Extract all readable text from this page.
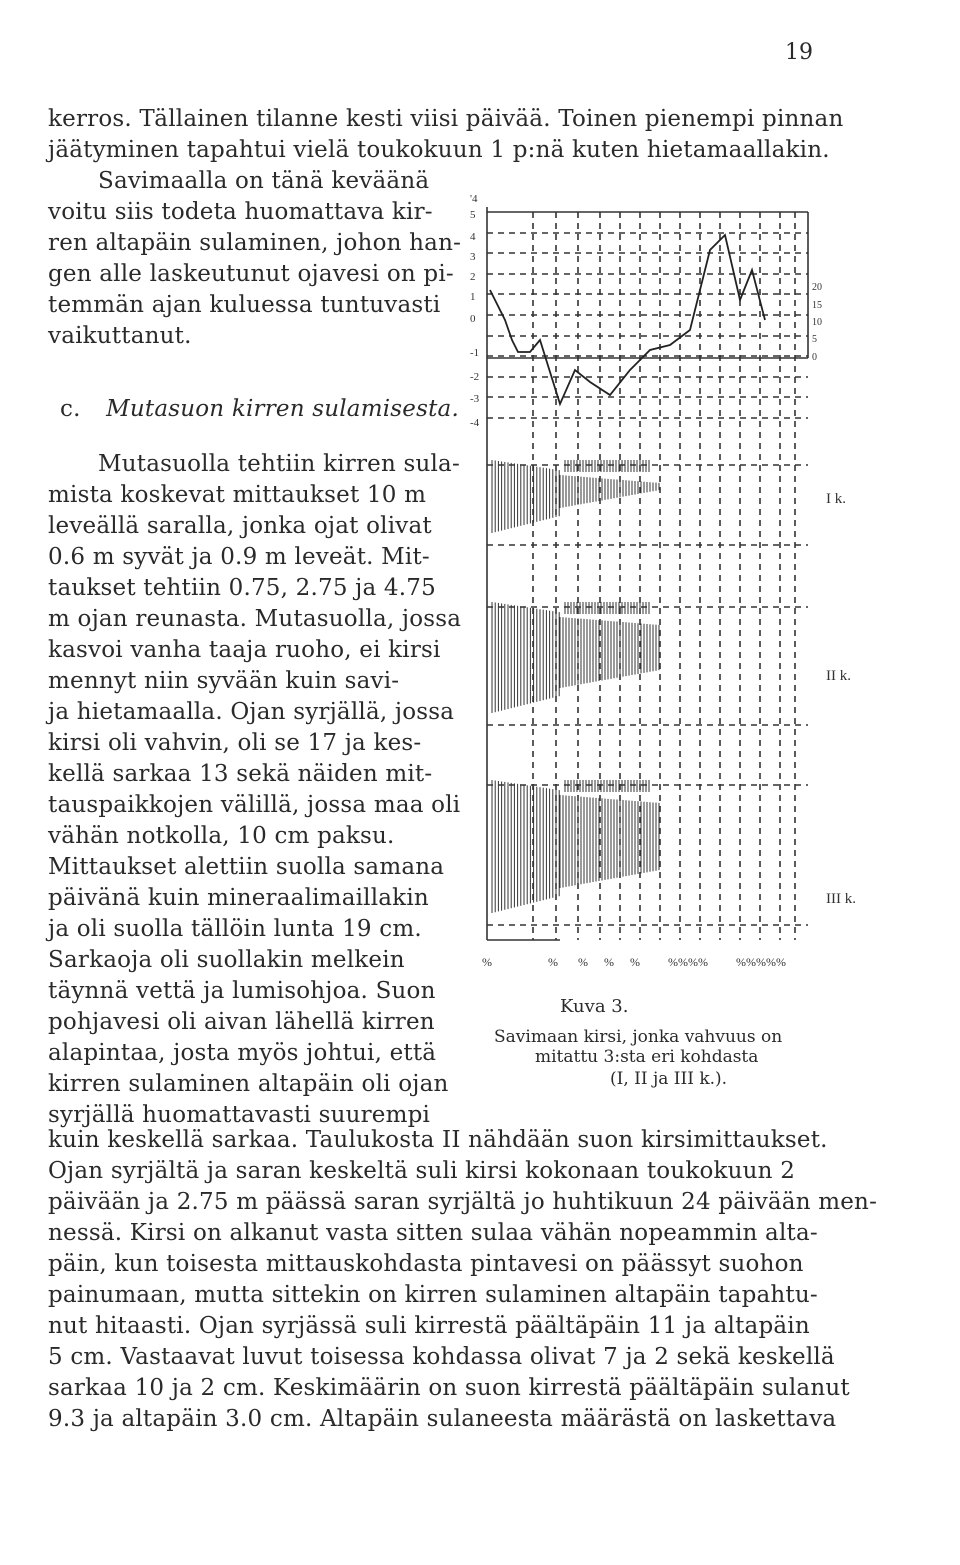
19
kerros. Tällainen tilanne kesti viisi päivää. Toinen pienempi pinnan
jäätyminen tapahtui vielä toukokuun 1 p:nä kuten hietamaallakin.
Savimaalla on tänä keväänä
voitu siis todeta huomattava kir-
ren altapäin sulaminen, johon han-
gen alle laskeutunut ojavesi on pi-
temmän ajan kuluessa tuntuvasti
vaikuttanut.
c. Mutasuon kirren sulamisesta.
Mutasuolla tehtiin kirren sula-
mista koskevat mittaukset 10 m
leveällä saralla, jonka ojat olivat
0.6 m syvät ja 0.9 m leveät. Mit-
taukset tehtiin 0.75, 2.75 ja 4.75
m ojan reunasta. Mutasuolla, jossa
kasvoi vanha taaja ruoho, ei kirsi
mennyt niin syvään kuin savi-
ja hietamaalla. Ojan syrjällä, jossa
kirsi oli vahvin, oli se 17 ja kes-
kellä sarkaa 13 sekä näiden mit-
tauspaikkojen välillä, jossa maa oli
vähän notkolla, 10 cm paksu.
Mittaukset alettiin suolla samana
päivänä kuin mineraalimaillakin
ja oli suolla tällöin lunta 19 cm.
Sarkaoja oli suollakin melkein
täynnä vettä ja lumisohjoa. Suon
pohjavesi oli aivan lähellä kirren
alapintaa, josta myös johtui, että
kirren sulaminen altapäin oli ojan
syrjällä huomattavasti suurempi
kuin keskellä sarkaa. Taulukosta II nähdään suon kirsimittaukset.
Ojan syrjältä ja saran keskeltä suli kirsi kokonaan toukokuun 2
päivään ja 2.75 m päässä saran syrjältä jo huhtikuun 24 päivään men-
nessä. Kirsi on alkanut vasta sitten sulaa vähän nopeammin alta-
päin, kun toisesta mittauskohdasta pintavesi on päässyt suohon
painumaan, mutta sittekin on kirren sulaminen altapäin tapahtu-
nut hitaasti. Ojan syrjässä suli kirrestä päältäpäin 11 ja altapäin
5 cm. Vastaavat luvut toisessa kohdassa olivat 7 ja 2 sekä keskellä
sarkaa 10 ja 2 cm. Keskimäärin on suon kirrestä päältäpäin sulanut
9.3 ja altapäin 3.0 cm. Altapäin sulaneesta määrästä on laskettava
I k.
II k.
III k.
'4
5
4
3
2
1
0
-1
-2
-3
-4
20
15
10
5
0
%	% % % % %%%% %%%%%
Kuva 3.
Savimaan kirsi, jonka vahvuus on
mitattu 3:sta eri kohdasta
(I, II ja III k.).
